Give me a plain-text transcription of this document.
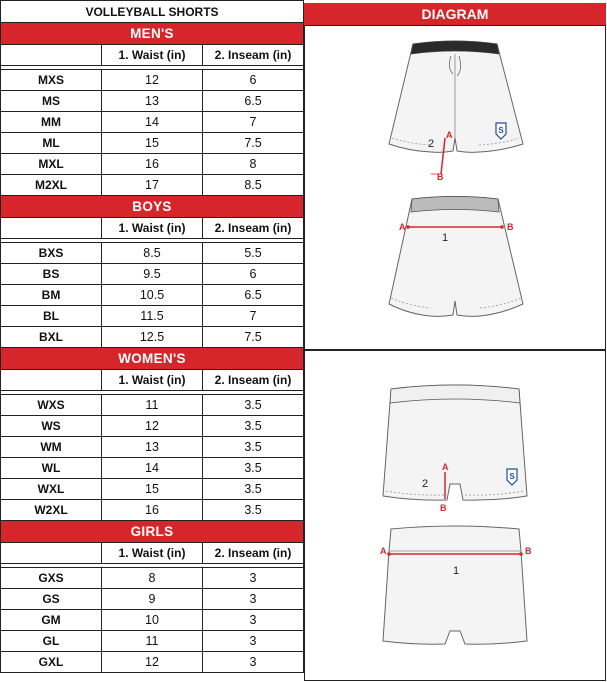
VOLLEYBALL SHORTS		
MEN'S		
	1. Waist (in)	2. Inseam (in)

MXS	12	6
MS	13	6.5
MM	14	7
ML	15	7.5
MXL	16	8
M2XL	17	8.5
BOYS		
	1. Waist (in)	2. Inseam (in)

BXS	8.5	5.5
BS	9.5	6
BM	10.5	6.5
BL	11.5	7
BXL	12.5	7.5
WOMEN'S		
	1. Waist (in)	2. Inseam (in)

WXS	11	3.5
WS	12	3.5
WM	13	3.5
WL	14	3.5
WXL	15	3.5
W2XL	16	3.5
GIRLS		
	1. Waist (in)	2. Inseam (in)

GXS	8	3
GS	9	3
GM	10	3
GL	11	3
GXL	12	3
DIAGRAM
S
2
A
B
A	B
1
S
2
A
B
A	B
1
